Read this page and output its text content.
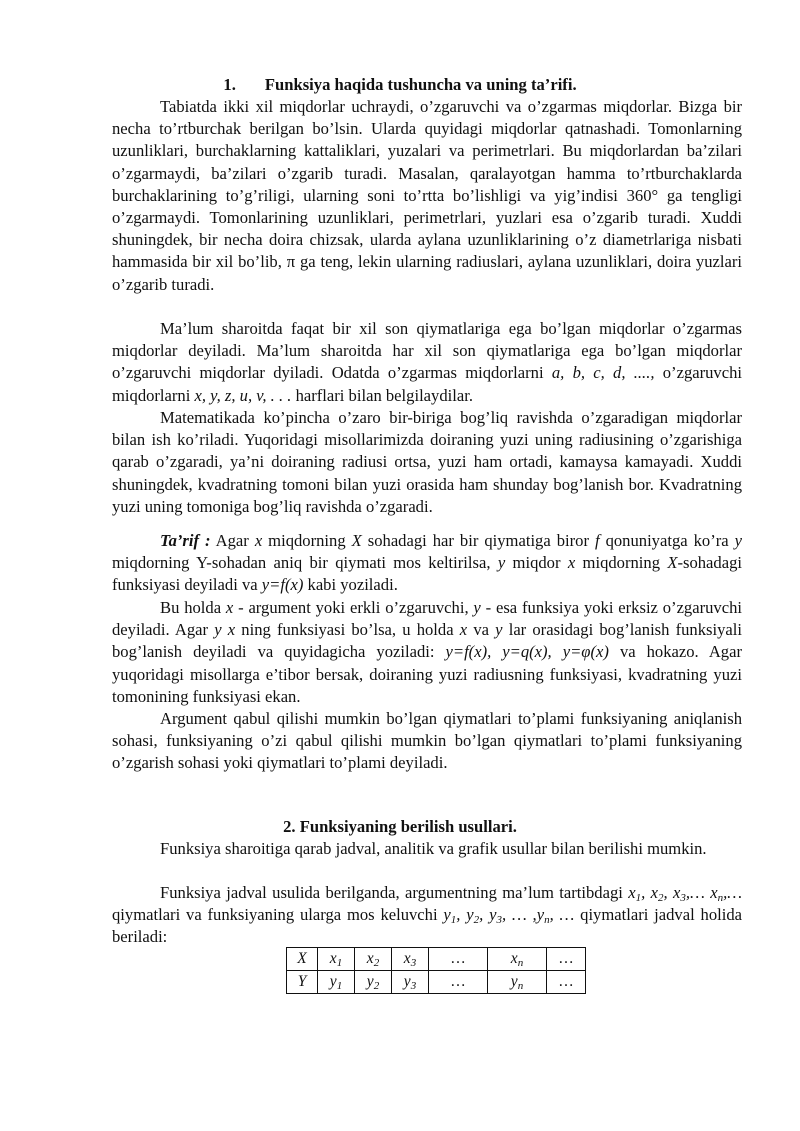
1. Funksiya haqida tushuncha va uning ta’rifi.
Tabiatda ikki xil miqdorlar uchraydi, o’zgaruvchi va o’zgarmas miqdorlar. Bizga bir necha to’rtburchak berilgan bo’lsin. Ularda quyidagi miqdorlar qatnashadi. Tomonlarning uzunliklari, burchaklarning kattaliklari, yuzalari va perimetrlari. Bu miqdorlardan ba’zilari o’zgarmaydi, ba’zilari o’zgarib turadi. Masalan, qaralayotgan hamma to’rtburchaklarda burchaklarining to’g’riligi, ularning soni to’rtta bo’lishligi va yig’indisi 360° ga tengligi o’zgarmaydi. Tomonlarining uzunliklari, perimetrlari, yuzlari esa o’zgarib turadi. Xuddi shuningdek, bir necha doira chizsak, ularda aylana uzunliklarining o’z diametrlariga nisbati hammasida bir xil bo’lib, π ga teng, lekin ularning radiuslari, aylana uzunliklari, doira yuzlari o’zgarib turadi.
Ma’lum sharoitda faqat bir xil son qiymatlariga ega bo’lgan miqdorlar o’zgarmas miqdorlar deyiladi. Ma’lum sharoitda har xil son qiymatlariga ega bo’lgan miqdorlar o’zgaruvchi miqdorlar dyiladi. Odatda o’zgarmas miqdorlarni a, b, c, d, ...., o’zgaruvchi miqdorlarni x, y, z, u, v, . . . harflari bilan belgilaydilar.
Matematikada ko’pincha o’zaro bir-biriga bog’liq ravishda o’zgaradigan miqdorlar bilan ish ko’riladi. Yuqoridagi misollarimizda doiraning yuzi uning radiusining o’zgarishiga qarab o’zgaradi, ya’ni doiraning radiusi ortsa, yuzi ham ortadi, kamaysa kamayadi. Xuddi shuningdek, kvadratning tomoni bilan yuzi orasida ham shunday bog’lanish bor. Kvadratning yuzi uning tomoniga bog’liq ravishda o’zgaradi.
Ta’rif : Agar x miqdorning X sohadagi har bir qiymatiga biror f qonuniyatga ko’ra y miqdorning Y-sohadan aniq bir qiymati mos keltirilsa, y miqdor x miqdorning X-sohadagi funksiyasi deyiladi va y=f(x) kabi yoziladi.
Bu holda x - argument yoki erkli o’zgaruvchi, y - esa funksiya yoki erksiz o’zgaruvchi deyiladi. Agar y x ning funksiyasi bo’lsa, u holda x va y lar orasidagi bog’lanish funksiyali bog’lanish deyiladi va quyidagicha yoziladi: y=f(x), y=q(x), y=φ(x) va hokazo. Agar yuqoridagi misollarga e’tibor bersak, doiraning yuzi radiusning funksiyasi, kvadratning yuzi tomonining funksiyasi ekan.
Argument qabul qilishi mumkin bo’lgan qiymatlari to’plami funksiyaning aniqlanish sohasi, funksiyaning o’zi qabul qilishi mumkin bo’lgan qiymatlari to’plami funksiyaning o’zgarish sohasi yoki qiymatlari to’plami deyiladi.
2. Funksiyaning berilish usullari.
Funksiya sharoitiga qarab jadval, analitik va grafik usullar bilan berilishi mumkin.
Funksiya jadval usulida berilganda, argumentning ma’lum tartibdagi $x_1$, $x_2$, $x_3,\dots$ $x_n,\dots$ qiymatlari va funksiyaning ularga mos keluvchi $y_1$, $y_2$, $y_3$, … $,y_n$, … qiymatlari jadval holida beriladi:
X	$x_1$	$x_2$	$x_3$	…	$x_n$	…
Y	$y_1$	$y_2$	$y_3$	…	$y_n$	…
